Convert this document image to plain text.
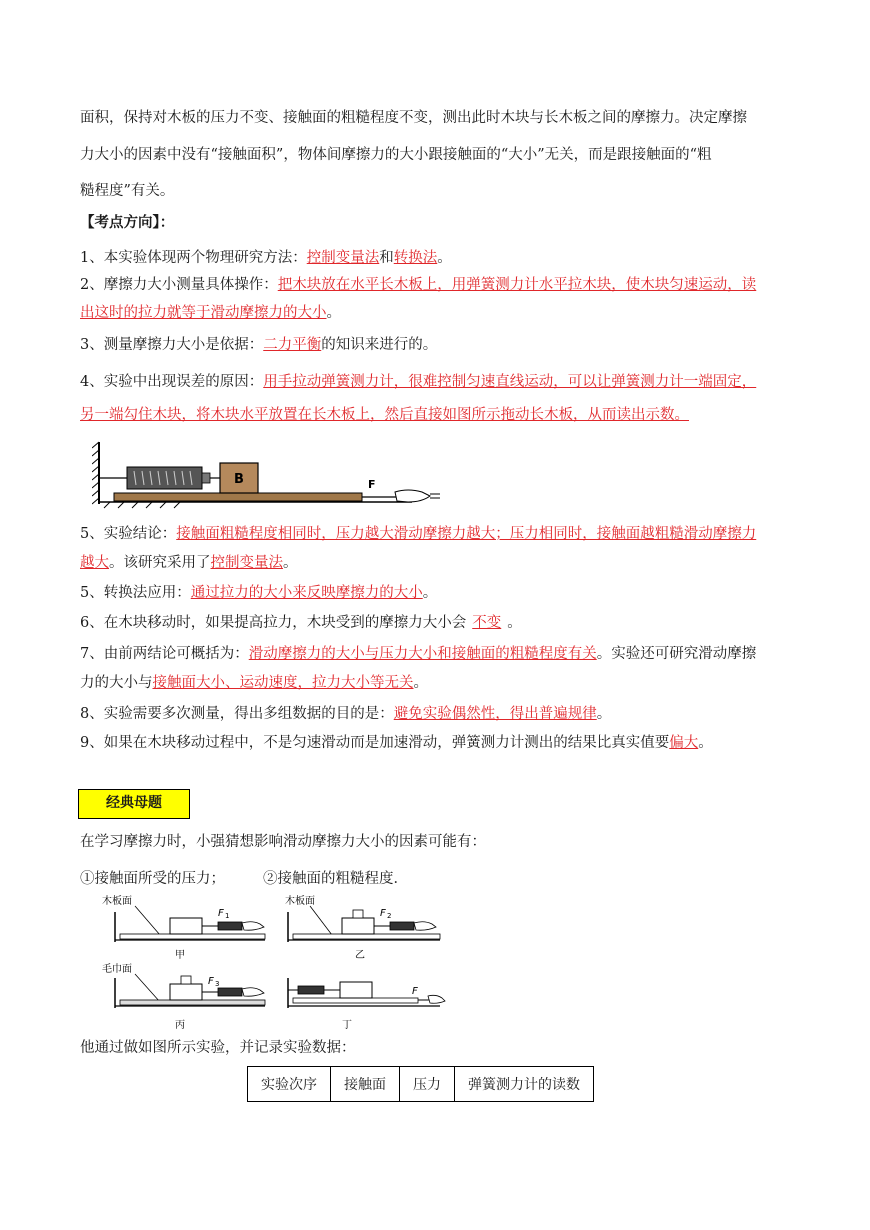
面积，保持对木板的压力不变、接触面的粗糙程度不变，测出此时木块与长木板之间的摩擦力。决定摩擦
力大小的因素中没有“接触面积”，物体间摩擦力的大小跟接触面的“大小”无关，而是跟接触面的“粗
糙程度”有关。
【考点方向】：
1、本实验体现两个物理研究方法：控制变量法和转换法。
2、摩擦力大小测量具体操作：把木块放在水平长木板上，用弹簧测力计水平拉木块，使木块匀速运动，读
出这时的拉力就等于滑动摩擦力的大小。
3、测量摩擦力大小是依据：二力平衡的知识来进行的。
4、实验中出现误差的原因：用手拉动弹簧测力计，很难控制匀速直线运动，可以让弹簧测力计一端固定，
另一端勾住木块，将木块水平放置在长木板上，然后直接如图所示拖动长木板，从而读出示数。
B	F
5、实验结论：接触面粗糙程度相同时，压力越大滑动摩擦力越大；压力相同时，接触面越粗糙滑动摩擦力
越大。该研究采用了控制变量法。
5、转换法应用：通过拉力的大小来反映摩擦力的大小。
6、在木块移动时，如果提高拉力，木块受到的摩擦力大小会 不变 。
7、由前两结论可概括为：滑动摩擦力的大小与压力大小和接触面的粗糙程度有关。实验还可研究滑动摩擦
力的大小与接触面大小、运动速度，拉力大小等无关。
8、实验需要多次测量，得出多组数据的目的是：避免实验偶然性，得出普遍规律。
9、如果在木块移动过程中，不是匀速滑动而是加速滑动，弹簧测力计测出的结果比真实值要偏大。
经典母题
在学习摩擦力时，小强猜想影响滑动摩擦力大小的因素可能有：
①接触面所受的压力；	②接触面的粗糙程度．
木板面
F 1
甲
木板面
F 2
乙
毛巾面
F 3
丙
F
丁
他通过做如图所示实验，并记录实验数据：
实验次序	接触面	压力	弹簧测力计的读数
